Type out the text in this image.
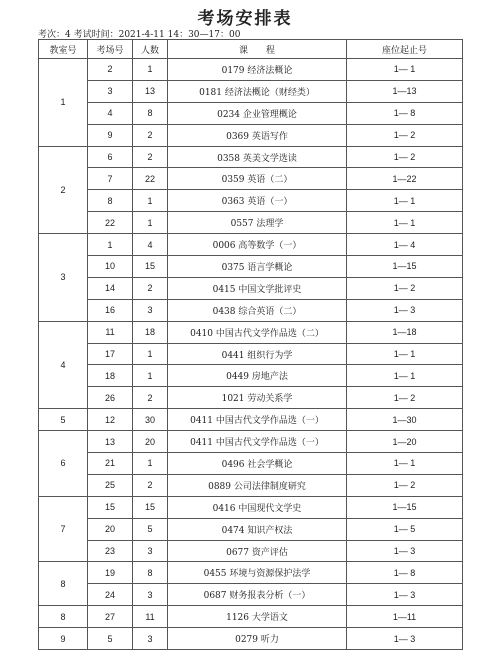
考场安排表
考次：4 考试时间：2021-4-11 14：30—17：00
教室号	考场号	人数	课　　程	座位起止号
1	2	1	0179 经济法概论	1— 1
	3	13	0181 经济法概论（财经类）	1—13
	4	8	0234 企业管理概论	1— 8
	9	2	0369 英语写作	1— 2
2	6	2	0358 英美文学选读	1— 2
	7	22	0359 英语（二）	1—22
	8	1	0363 英语（一）	1— 1
	22	1	0557 法理学	1— 1
3	1	4	0006 高等数学（一）	1— 4
	10	15	0375 语言学概论	1—15
	14	2	0415 中国文学批评史	1— 2
	16	3	0438 综合英语（二）	1— 3
4	11	18	0410 中国古代文学作品选（二）	1—18
	17	1	0441 组织行为学	1— 1
	18	1	0449 房地产法	1— 1
	26	2	1021 劳动关系学	1— 2
5	12	30	0411 中国古代文学作品选（一）	1—30
6	13	20	0411 中国古代文学作品选（一）	1—20
	21	1	0496 社会学概论	1— 1
	25	2	0889 公司法律制度研究	1— 2
7	15	15	0416 中国现代文学史	1—15
	20	5	0474 知识产权法	1— 5
	23	3	0677 资产评估	1— 3
8	19	8	0455 环境与资源保护法学	1— 8
	24	3	0687 财务报表分析（一）	1— 3
8	27	11	1126 大学语文	1—11
9	5	3	0279 听力	1— 3
